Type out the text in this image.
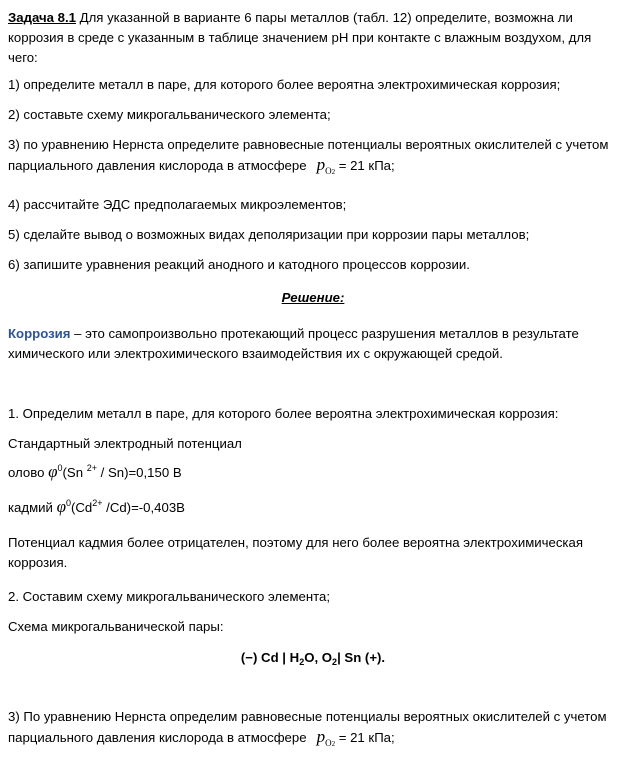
Задача 8.1 Для указанной в варианте 6 пары металлов (табл. 12) определите, возможна ли коррозия в среде с указанным в таблице значением рН при контакте с влажным воздухом, для чего:

1) определите металл в паре, для которого более вероятна электрохимическая коррозия;

2) составьте схему микрогальванического элемента;

3) по уравнению Нернста определите равновесные потенциалы вероятных окислителей с учетом парциального давления кислорода в атмосфере $p_{O2} = 21$ кПа;

4) рассчитайте ЭДС предполагаемых микроэлементов;

5) сделайте вывод о возможных видах деполяризации при коррозии пары металлов;

6) запишите уравнения реакций анодного и катодного процессов коррозии.

Решение:

Коррозия – это самопроизвольно протекающий процесс разрушения металлов в результате химического или электрохимического взаимодействия их с окружающей средой.

1. Определим металл в паре, для которого более вероятна электрохимическая коррозия:

Стандартный электродный потенциал

олово $\varphi^0(Sn$ $^{2+}$ / Sn)=0,150 В

кадмий $\varphi^0(Cd^{2+}$ /Cd)=-0,403В

Потенциал кадмия более отрицателен, поэтому для него более вероятна электрохимическая коррозия.

2. Составим схему микрогальванического элемента;

Схема микрогальванической пары:

(−) Cd | $H_2O$, $O_2|$ Sn (+).

3) По уравнению Нернста определим равновесные потенциалы вероятных окислителей с учетом парциального давления кислорода в атмосфере $p_{O2} = 21$ кПа;
